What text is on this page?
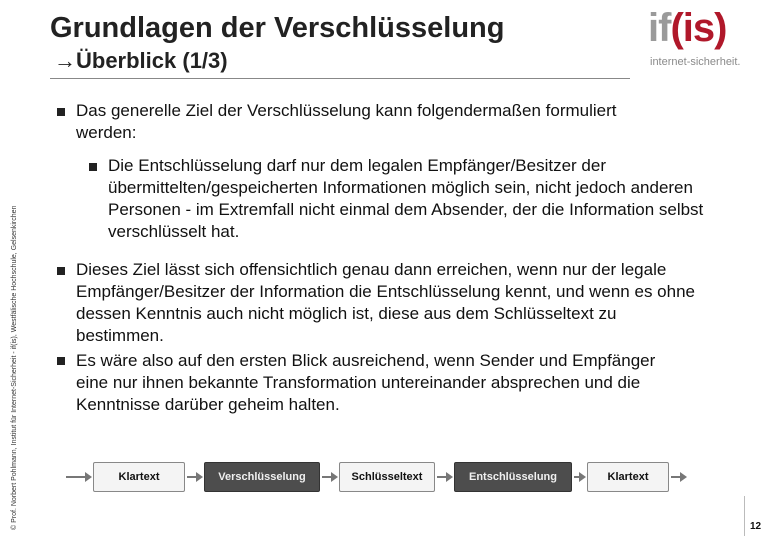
© Prof. Norbert Pohlmann, Institut für Internet-Sicherheit - if(is), Westfälische Hochschule, Gelsenkirchen
Grundlagen der Verschlüsselung
→Überblick (1/3)
if(is)
internet-sicherheit.
Das generelle Ziel der Verschlüsselung kann folgendermaßen formuliert werden:
Die Entschlüsselung darf nur dem legalen Empfänger/Besitzer der übermittelten/gespeicherten Informationen möglich sein, nicht jedoch anderen Personen - im Extremfall nicht einmal dem Absender, der die Information selbst verschlüsselt hat.
Dieses Ziel lässt sich offensichtlich genau dann erreichen, wenn nur der legale Empfänger/Besitzer der Information die Entschlüsselung kennt, und wenn es ohne dessen Kenntnis auch nicht möglich ist, diese aus dem Schlüsseltext zu bestimmen.
Es wäre also auf den ersten Blick ausreichend, wenn Sender und Empfänger eine nur ihnen bekannte Transformation untereinander absprechen und die Kenntnisse darüber geheim halten.
Klartext	Verschlüsselung	Schlüsseltext	Entschlüsselung	Klartext
12
